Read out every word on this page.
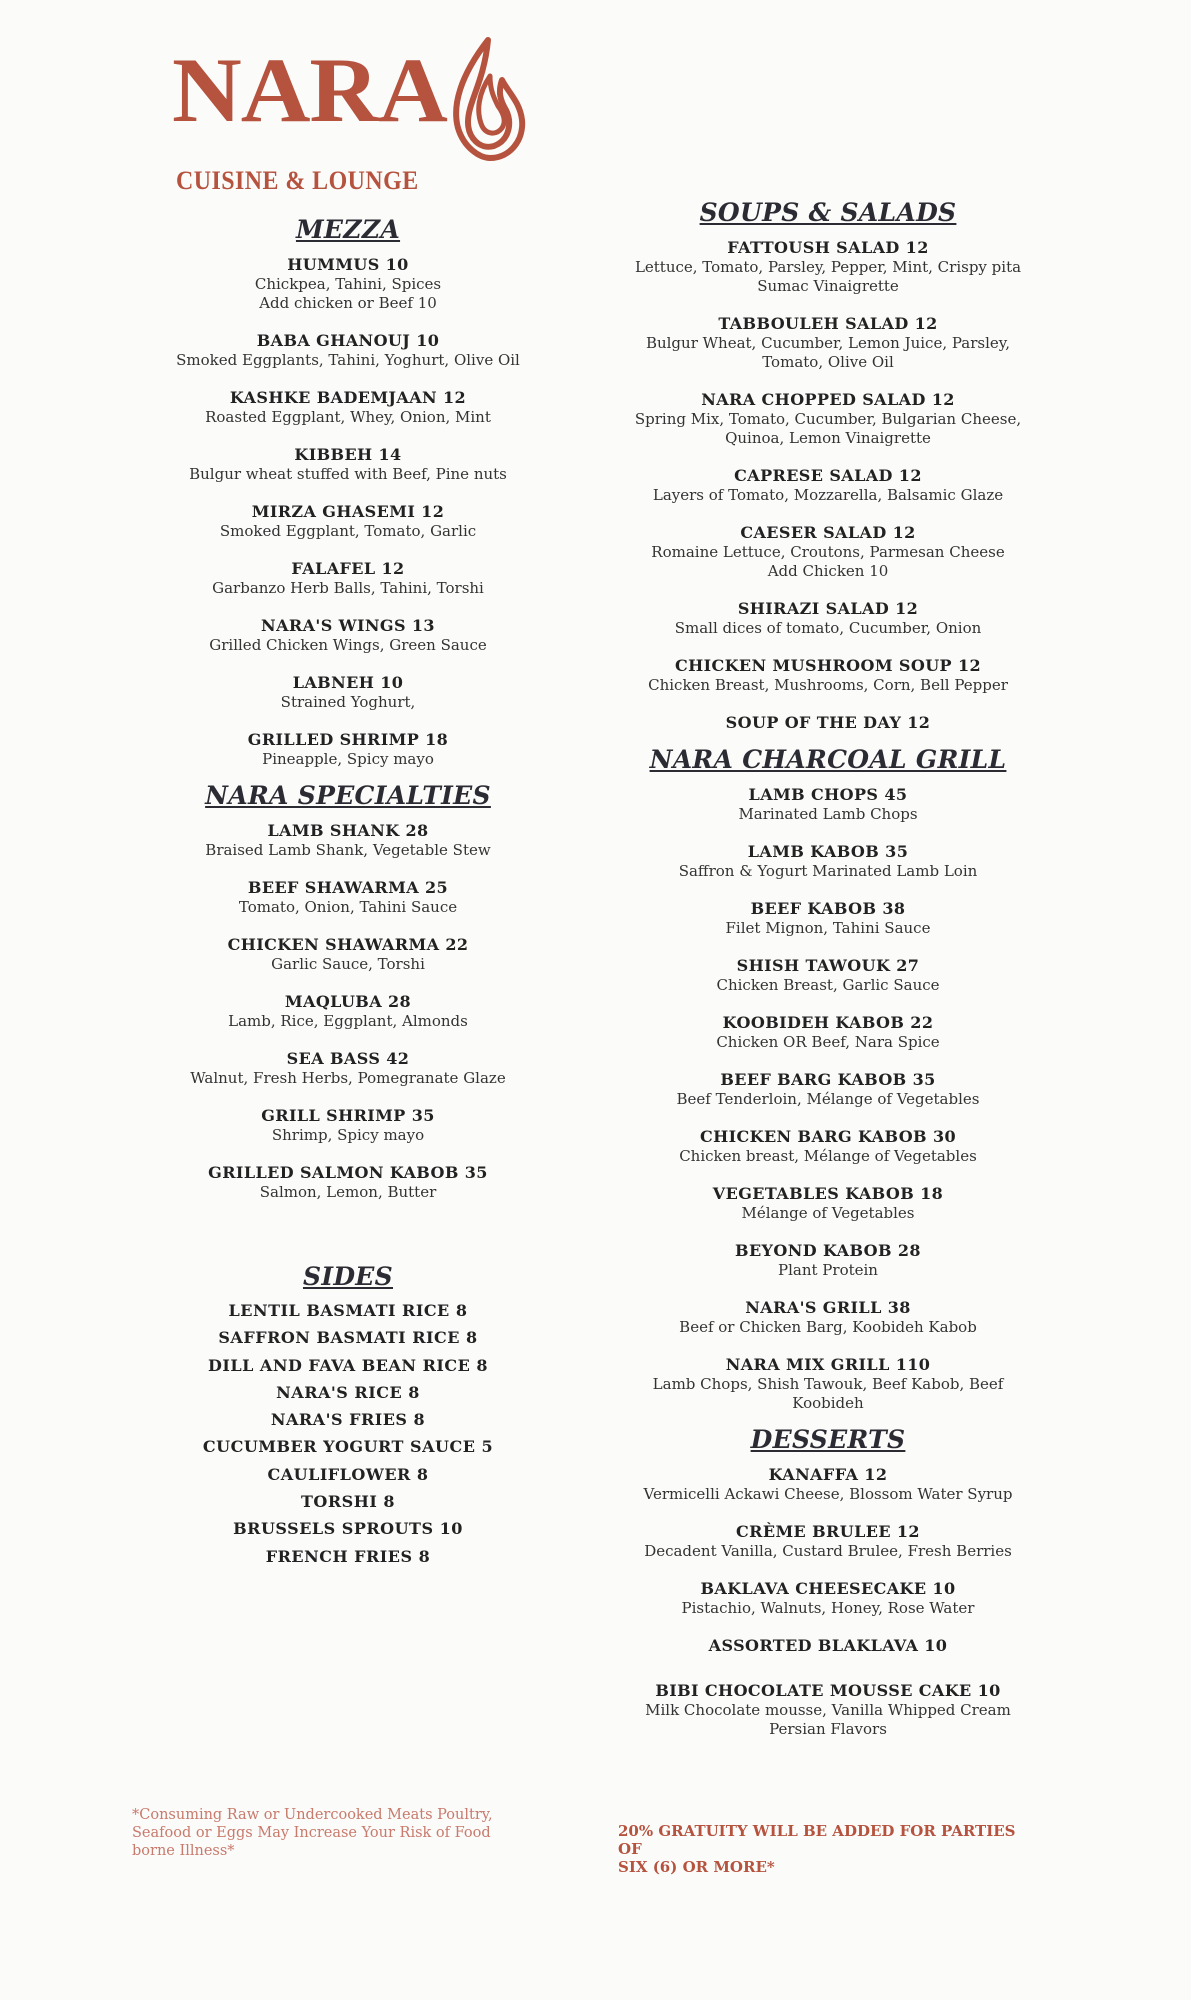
NARA
CUISINE & LOUNGE
MEZZA
HUMMUS 10
Chickpea, Tahini, Spices
Add chicken or Beef 10
BABA GHANOUJ 10
Smoked Eggplants, Tahini, Yoghurt, Olive Oil
KASHKE BADEMJAAN 12
Roasted Eggplant, Whey, Onion, Mint
KIBBEH 14
Bulgur wheat stuffed with Beef, Pine nuts
MIRZA GHASEMI 12
Smoked Eggplant, Tomato, Garlic
FALAFEL 12
Garbanzo Herb Balls, Tahini, Torshi
NARA'S WINGS 13
Grilled Chicken Wings, Green Sauce
LABNEH 10
Strained Yoghurt,
GRILLED SHRIMP 18
Pineapple, Spicy mayo
NARA SPECIALTIES
LAMB SHANK 28
Braised Lamb Shank, Vegetable Stew
BEEF SHAWARMA 25
Tomato, Onion, Tahini Sauce
CHICKEN SHAWARMA 22
Garlic Sauce, Torshi
MAQLUBA 28
Lamb, Rice, Eggplant, Almonds
SEA BASS 42
Walnut, Fresh Herbs, Pomegranate Glaze
GRILL SHRIMP 35
Shrimp, Spicy mayo
GRILLED SALMON KABOB 35
Salmon, Lemon, Butter
SIDES
LENTIL BASMATI RICE 8
SAFFRON BASMATI RICE 8
DILL AND FAVA BEAN RICE 8
NARA'S RICE 8
NARA'S FRIES 8
CUCUMBER YOGURT SAUCE 5
CAULIFLOWER 8
TORSHI 8
BRUSSELS SPROUTS 10
FRENCH FRIES 8
SOUPS & SALADS
FATTOUSH SALAD 12
Lettuce, Tomato, Parsley, Pepper, Mint, Crispy pita
Sumac Vinaigrette
TABBOULEH SALAD 12
Bulgur Wheat, Cucumber, Lemon Juice, Parsley,
Tomato, Olive Oil
NARA CHOPPED SALAD 12
Spring Mix, Tomato, Cucumber, Bulgarian Cheese,
Quinoa, Lemon Vinaigrette
CAPRESE SALAD 12
Layers of Tomato, Mozzarella, Balsamic Glaze
CAESER SALAD 12
Romaine Lettuce, Croutons, Parmesan Cheese
Add Chicken 10
SHIRAZI SALAD 12
Small dices of tomato, Cucumber, Onion
CHICKEN MUSHROOM SOUP 12
Chicken Breast, Mushrooms, Corn, Bell Pepper
SOUP OF THE DAY 12
NARA CHARCOAL GRILL
LAMB CHOPS 45
Marinated Lamb Chops
LAMB KABOB 35
Saffron & Yogurt Marinated Lamb Loin
BEEF KABOB 38
Filet Mignon, Tahini Sauce
SHISH TAWOUK 27
Chicken Breast, Garlic Sauce
KOOBIDEH KABOB 22
Chicken OR Beef, Nara Spice
BEEF BARG KABOB 35
Beef Tenderloin, Mélange of Vegetables
CHICKEN BARG KABOB 30
Chicken breast, Mélange of Vegetables
VEGETABLES KABOB 18
Mélange of Vegetables
BEYOND KABOB 28
Plant Protein
NARA'S GRILL 38
Beef or Chicken Barg, Koobideh Kabob
NARA MIX GRILL 110
Lamb Chops, Shish Tawouk, Beef Kabob, Beef
Koobideh
DESSERTS
KANAFFA 12
Vermicelli Ackawi Cheese, Blossom Water Syrup
CRÈME BRULEE 12
Decadent Vanilla, Custard Brulee, Fresh Berries
BAKLAVA CHEESECAKE 10
Pistachio, Walnuts, Honey, Rose Water
ASSORTED BLAKLAVA 10
BIBI CHOCOLATE MOUSSE CAKE 10
Milk Chocolate mousse, Vanilla Whipped Cream
Persian Flavors
*Consuming Raw or Undercooked Meats Poultry,
Seafood or Eggs May Increase Your Risk of Food
borne Illness*
20% GRATUITY WILL BE ADDED FOR PARTIES OF
SIX (6) OR MORE*
